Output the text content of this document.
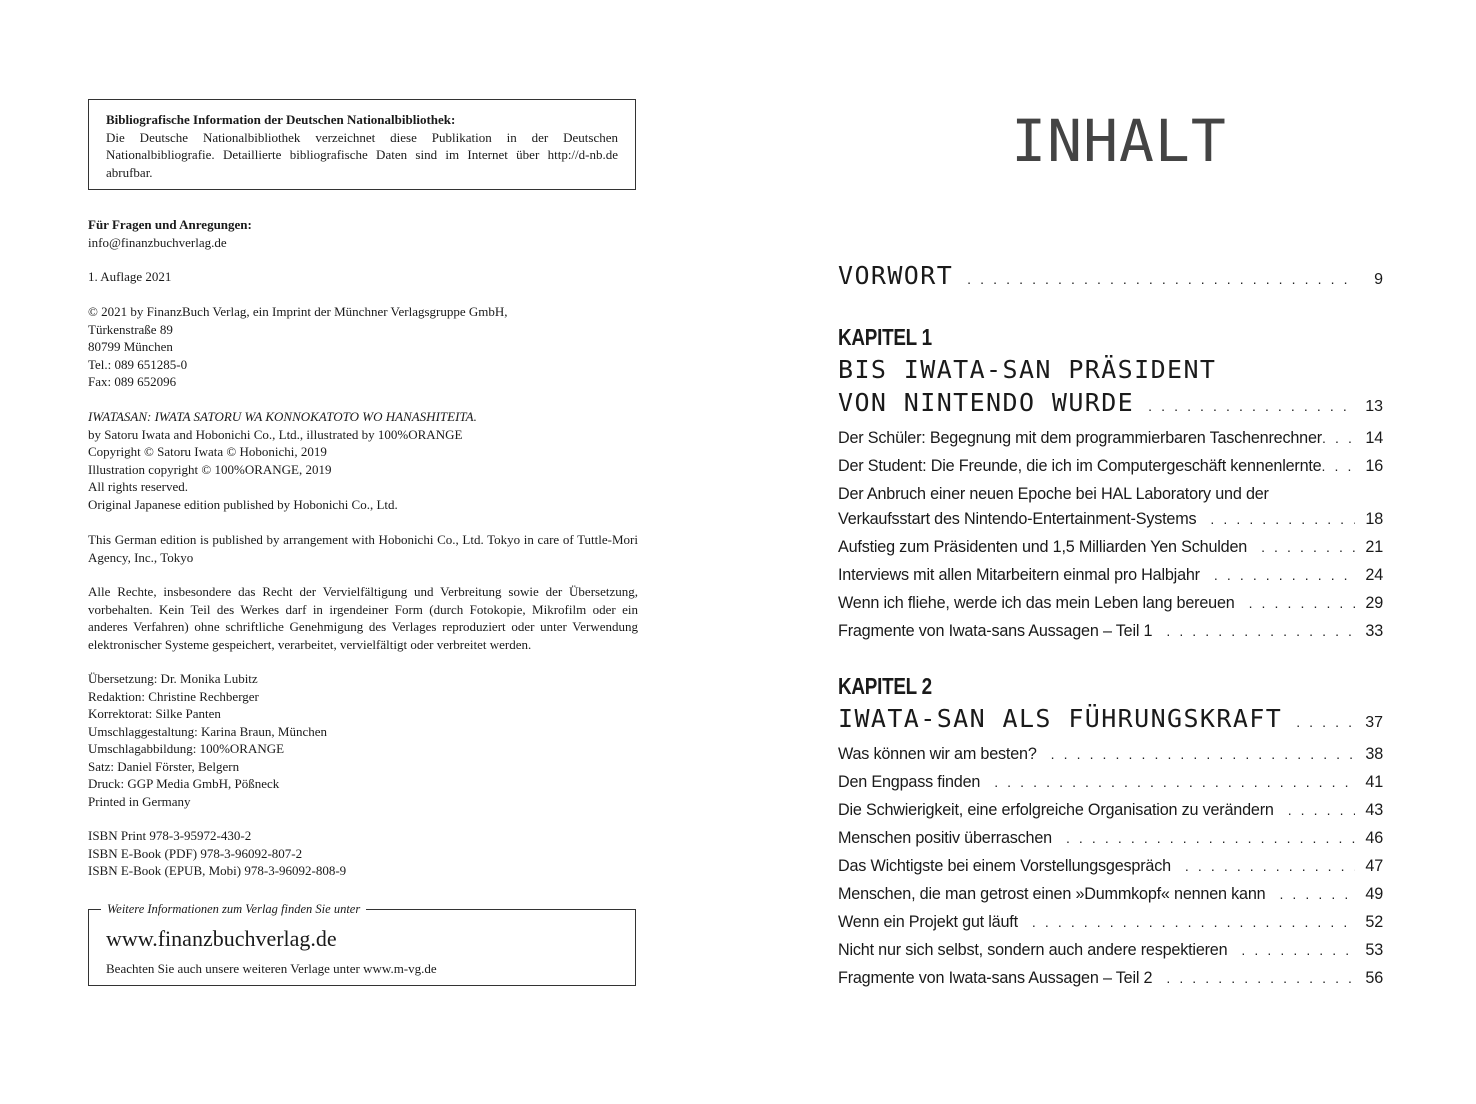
Bibliografische Information der Deutschen Nationalbibliothek:
Die Deutsche Nationalbibliothek verzeichnet diese Publikation in der Deutschen Nationalbibliografie. Detaillierte bibliografische Daten sind im Internet über http://d-nb.de abrufbar.

Für Fragen und Anregungen:

info@finanzbuchverlag.de

1. Auflage 2021

© 2021 by FinanzBuch Verlag, ein Imprint der Münchner Verlagsgruppe GmbH,

Türkenstraße 89

80799 München

Tel.: 089 651285-0

Fax: 089 652096

IWATASAN: IWATA SATORU WA KONNOKATOTO WO HANASHITEITA.

by Satoru Iwata and Hobonichi Co., Ltd., illustrated by 100%ORANGE

Copyright © Satoru Iwata © Hobonichi, 2019

Illustration copyright © 100%ORANGE, 2019

All rights reserved.

Original Japanese edition published by Hobonichi Co., Ltd.

This German edition is published by arrangement with Hobonichi Co., Ltd. Tokyo in care of Tuttle-Mori Agency, Inc., Tokyo
Alle Rechte, insbesondere das Recht der Vervielfältigung und Verbreitung sowie der Übersetzung, vorbehalten. Kein Teil des Werkes darf in irgendeiner Form (durch Fotokopie, Mikrofilm oder ein anderes Verfahren) ohne schriftliche Genehmigung des Verlages reproduziert oder unter Verwendung elektronischer Systeme gespeichert, verarbeitet, vervielfältigt oder verbreitet werden.

Übersetzung: Dr. Monika Lubitz

Redaktion: Christine Rechberger

Korrektorat: Silke Panten

Umschlaggestaltung: Karina Braun, München

Umschlagabbildung: 100%ORANGE

Satz: Daniel Förster, Belgern

Druck: GGP Media GmbH, Pößneck

Printed in Germany

ISBN Print 978-3-95972-430-2

ISBN E-Book (PDF) 978-3-96092-807-2

ISBN E-Book (EPUB, Mobi) 978-3-96092-808-9

Weitere Informationen zum Verlag finden Sie unter
www.finanzbuchverlag.de
Beachten Sie auch unsere weiteren Verlage unter www.m-vg.de
INHALT
VORWORT . . .	9
KAPITEL 1
BIS IWATA-SAN PRÄSIDENT
VON NINTENDO WURDE . . .	13
Der Schüler: Begegnung mit dem programmierbaren Taschenrechner . . .	14
Der Student: Die Freunde, die ich im Computergeschäft kennenlernte . . .	16
Der Anbruch einer neuen Epoche bei HAL Laboratory und der
Verkaufsstart des Nintendo-Entertainment-Systems . . .	18
Aufstieg zum Präsidenten und 1,5 Milliarden Yen Schulden . . .	21
Interviews mit allen Mitarbeitern einmal pro Halbjahr . . .	24
Wenn ich fliehe, werde ich das mein Leben lang bereuen . . .	29
Fragmente von Iwata-sans Aussagen – Teil 1 . . .	33
KAPITEL 2
IWATA-SAN ALS FÜHRUNGSKRAFT . . .	37
Was können wir am besten? . . .	38
Den Engpass finden . . .	41
Die Schwierigkeit, eine erfolgreiche Organisation zu verändern . . .	43
Menschen positiv überraschen . . .	46
Das Wichtigste bei einem Vorstellungsgespräch . . .	47
Menschen, die man getrost einen »Dummkopf« nennen kann . . .	49
Wenn ein Projekt gut läuft . . .	52
Nicht nur sich selbst, sondern auch andere respektieren . . .	53
Fragmente von Iwata-sans Aussagen – Teil 2 . . .	56
